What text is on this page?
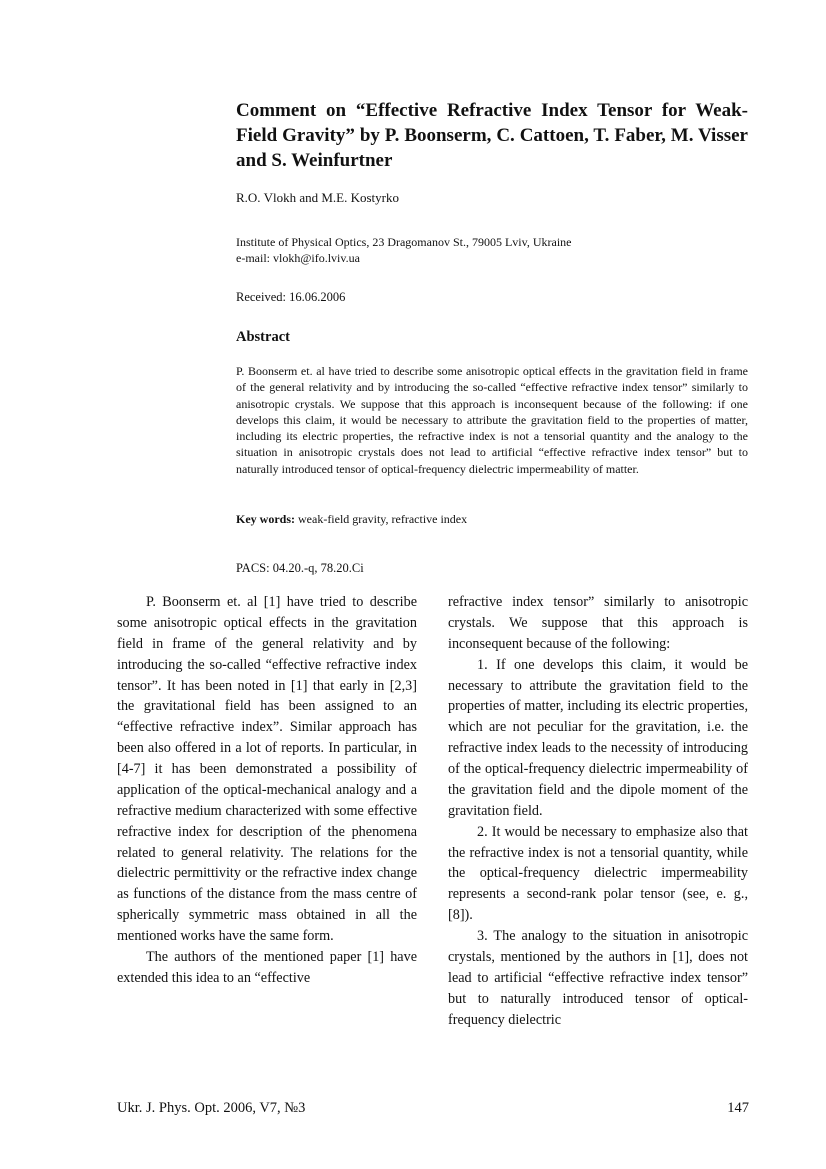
Comment on “Effective Refractive Index Tensor for Weak-Field Gravity” by P. Boonserm, C. Cattoen, T. Faber, M. Visser and S. Weinfurtner

R.O. Vlokh and M.E. Kostyrko

Institute of Physical Optics, 23 Dragomanov St., 79005 Lviv, Ukraine
e-mail: vlokh@ifo.lviv.ua

Received: 16.06.2006

Abstract

P. Boonserm et. al have tried to describe some anisotropic optical effects in the gravitation field in frame of the general relativity and by introducing the so-called “effective refractive index tensor” similarly to anisotropic crystals. We suppose that this approach is inconsequent because of the following: if one develops this claim, it would be necessary to attribute the gravitation field to the properties of matter, including its electric properties, the refractive index is not a tensorial quantity and the analogy to the situation in anisotropic crystals does not lead to artificial “effective refractive index tensor” but to naturally introduced tensor of optical-frequency dielectric impermeability of matter.

Key words: weak-field gravity, refractive index

PACS: 04.20.-q, 78.20.Ci

P. Boonserm et. al [1] have tried to describe some anisotropic optical effects in the gravitation field in frame of the general relativity and by introducing the so-called “effective refractive index tensor”. It has been noted in [1] that early in [2,3] the gravitational field has been assigned to an “effective refractive index”. Similar approach has been also offered in a lot of reports. In particular, in [4-7] it has been demonstrated a possibility of application of the optical-mechanical analogy and a refractive medium characterized with some effective refractive index for description of the phenomena related to general relativity. The relations for the dielectric permittivity or the refractive index change as functions of the distance from the mass centre of spherically symmetric mass obtained in all the mentioned works have the same form.

The authors of the mentioned paper [1] have extended this idea to an “effective

refractive index tensor” similarly to anisotropic crystals. We suppose that this approach is inconsequent because of the following:

1. If one develops this claim, it would be necessary to attribute the gravitation field to the properties of matter, including its electric properties, which are not peculiar for the gravitation, i.e. the refractive index leads to the necessity of introducing of the optical-frequency dielectric impermeability of the gravitation field and the dipole moment of the gravitation field.

2. It would be necessary to emphasize also that the refractive index is not a tensorial quantity, while the optical-frequency dielectric impermeability represents a second-rank polar tensor (see, e. g., [8]).

3. The analogy to the situation in anisotropic crystals, mentioned by the authors in [1], does not lead to artificial “effective refractive index tensor” but to naturally introduced tensor of optical-frequency dielectric

Ukr. J. Phys. Opt. 2006, V7, №3	147
